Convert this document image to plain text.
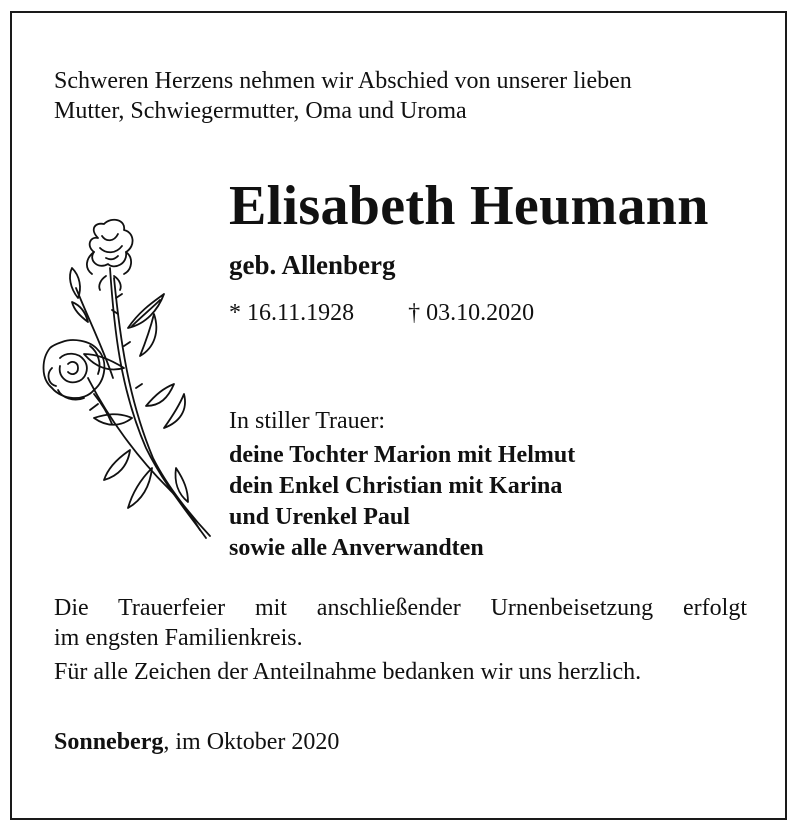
Schweren Herzens nehmen wir Abschied von unserer lieben
Mutter, Schwiegermutter, Oma und Uroma
Elisabeth Heumann
geb. Allenberg
* 16.11.1928 † 03.10.2020
In stiller Trauer:
deine Tochter Marion mit Helmut
dein Enkel Christian mit Karina
und Urenkel Paul
sowie alle Anverwandten
Die Trauerfeier mit anschließender Urnenbeisetzung erfolgt
im engsten Familienkreis.
Für alle Zeichen der Anteilnahme bedanken wir uns herzlich.
Sonneberg, im Oktober 2020
